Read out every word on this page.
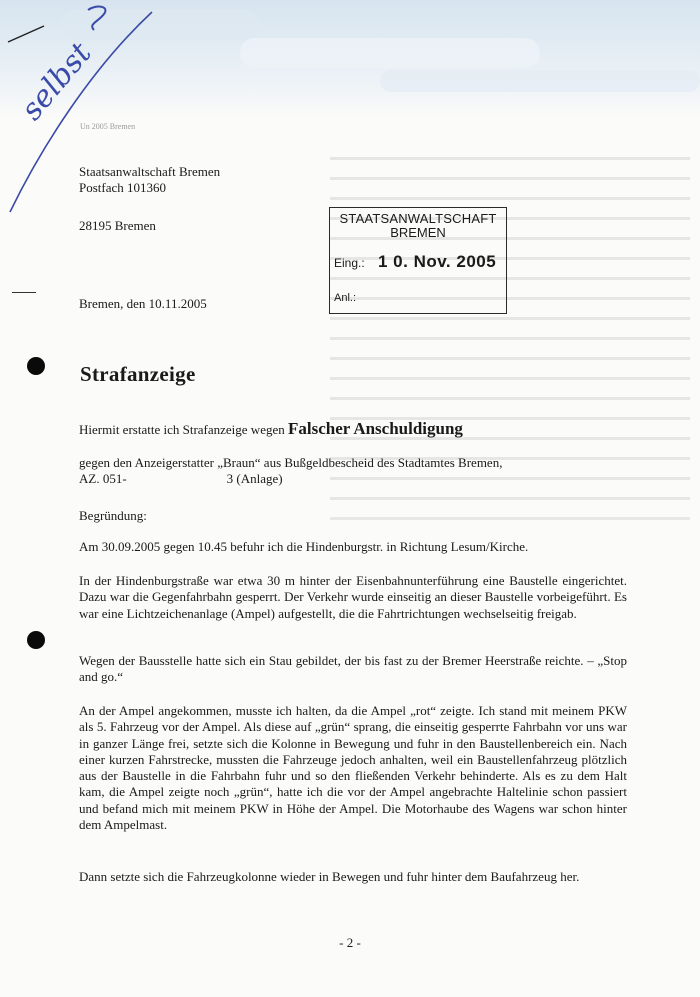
Un 2005 Bremen
selbst
Staatsanwaltschaft Bremen
Postfach 101360
28195 Bremen	STAATSANWALTSCHAFT
BREMEN
Eing.: 1 0. Nov. 2005
Anl.:
Bremen, den 10.11.2005
Strafanzeige
Hiermit erstatte ich Strafanzeige wegen Falscher Anschuldigung
gegen den Anzeigerstatter „Braun“ aus Bußgeldbescheid des Stadtamtes Bremen,
AZ. 051-	3 (Anlage)
Begründung:
Am 30.09.2005 gegen 10.45 befuhr ich die Hindenburgstr. in Richtung Lesum/Kirche.
In der Hindenburgstraße war etwa 30 m hinter der Eisenbahnunterführung eine Baustelle eingerichtet. Dazu war die Gegenfahrbahn gesperrt. Der Verkehr wurde einseitig an dieser Baustelle vorbeigeführt. Es war eine Lichtzeichenanlage (Ampel) aufgestellt, die die Fahrtrichtungen wechselseitig freigab.
Wegen der Bausstelle hatte sich ein Stau gebildet, der bis fast zu der Bremer Heerstraße reichte. – „Stop and go.“
An der Ampel angekommen, musste ich halten, da die Ampel „rot“ zeigte. Ich stand mit meinem PKW als 5. Fahrzeug vor der Ampel. Als diese auf „grün“ sprang, die einseitig gesperrte Fahrbahn vor uns war in ganzer Länge frei, setzte sich die Kolonne in Bewegung und fuhr in den Baustellenbereich ein. Nach einer kurzen Fahrstrecke, mussten die Fahrzeuge jedoch anhalten, weil ein Baustellenfahrzeug plötzlich aus der Baustelle in die Fahrbahn fuhr und so den fließenden Verkehr behinderte. Als es zu dem Halt kam, die Ampel zeigte noch „grün“, hatte ich die vor der Ampel angebrachte Haltelinie schon passiert und befand mich mit meinem PKW in Höhe der Ampel. Die Motorhaube des Wagens war schon hinter dem Ampelmast.
Dann setzte sich die Fahrzeugkolonne wieder in Bewegen und fuhr hinter dem Baufahrzeug her.
- 2 -
